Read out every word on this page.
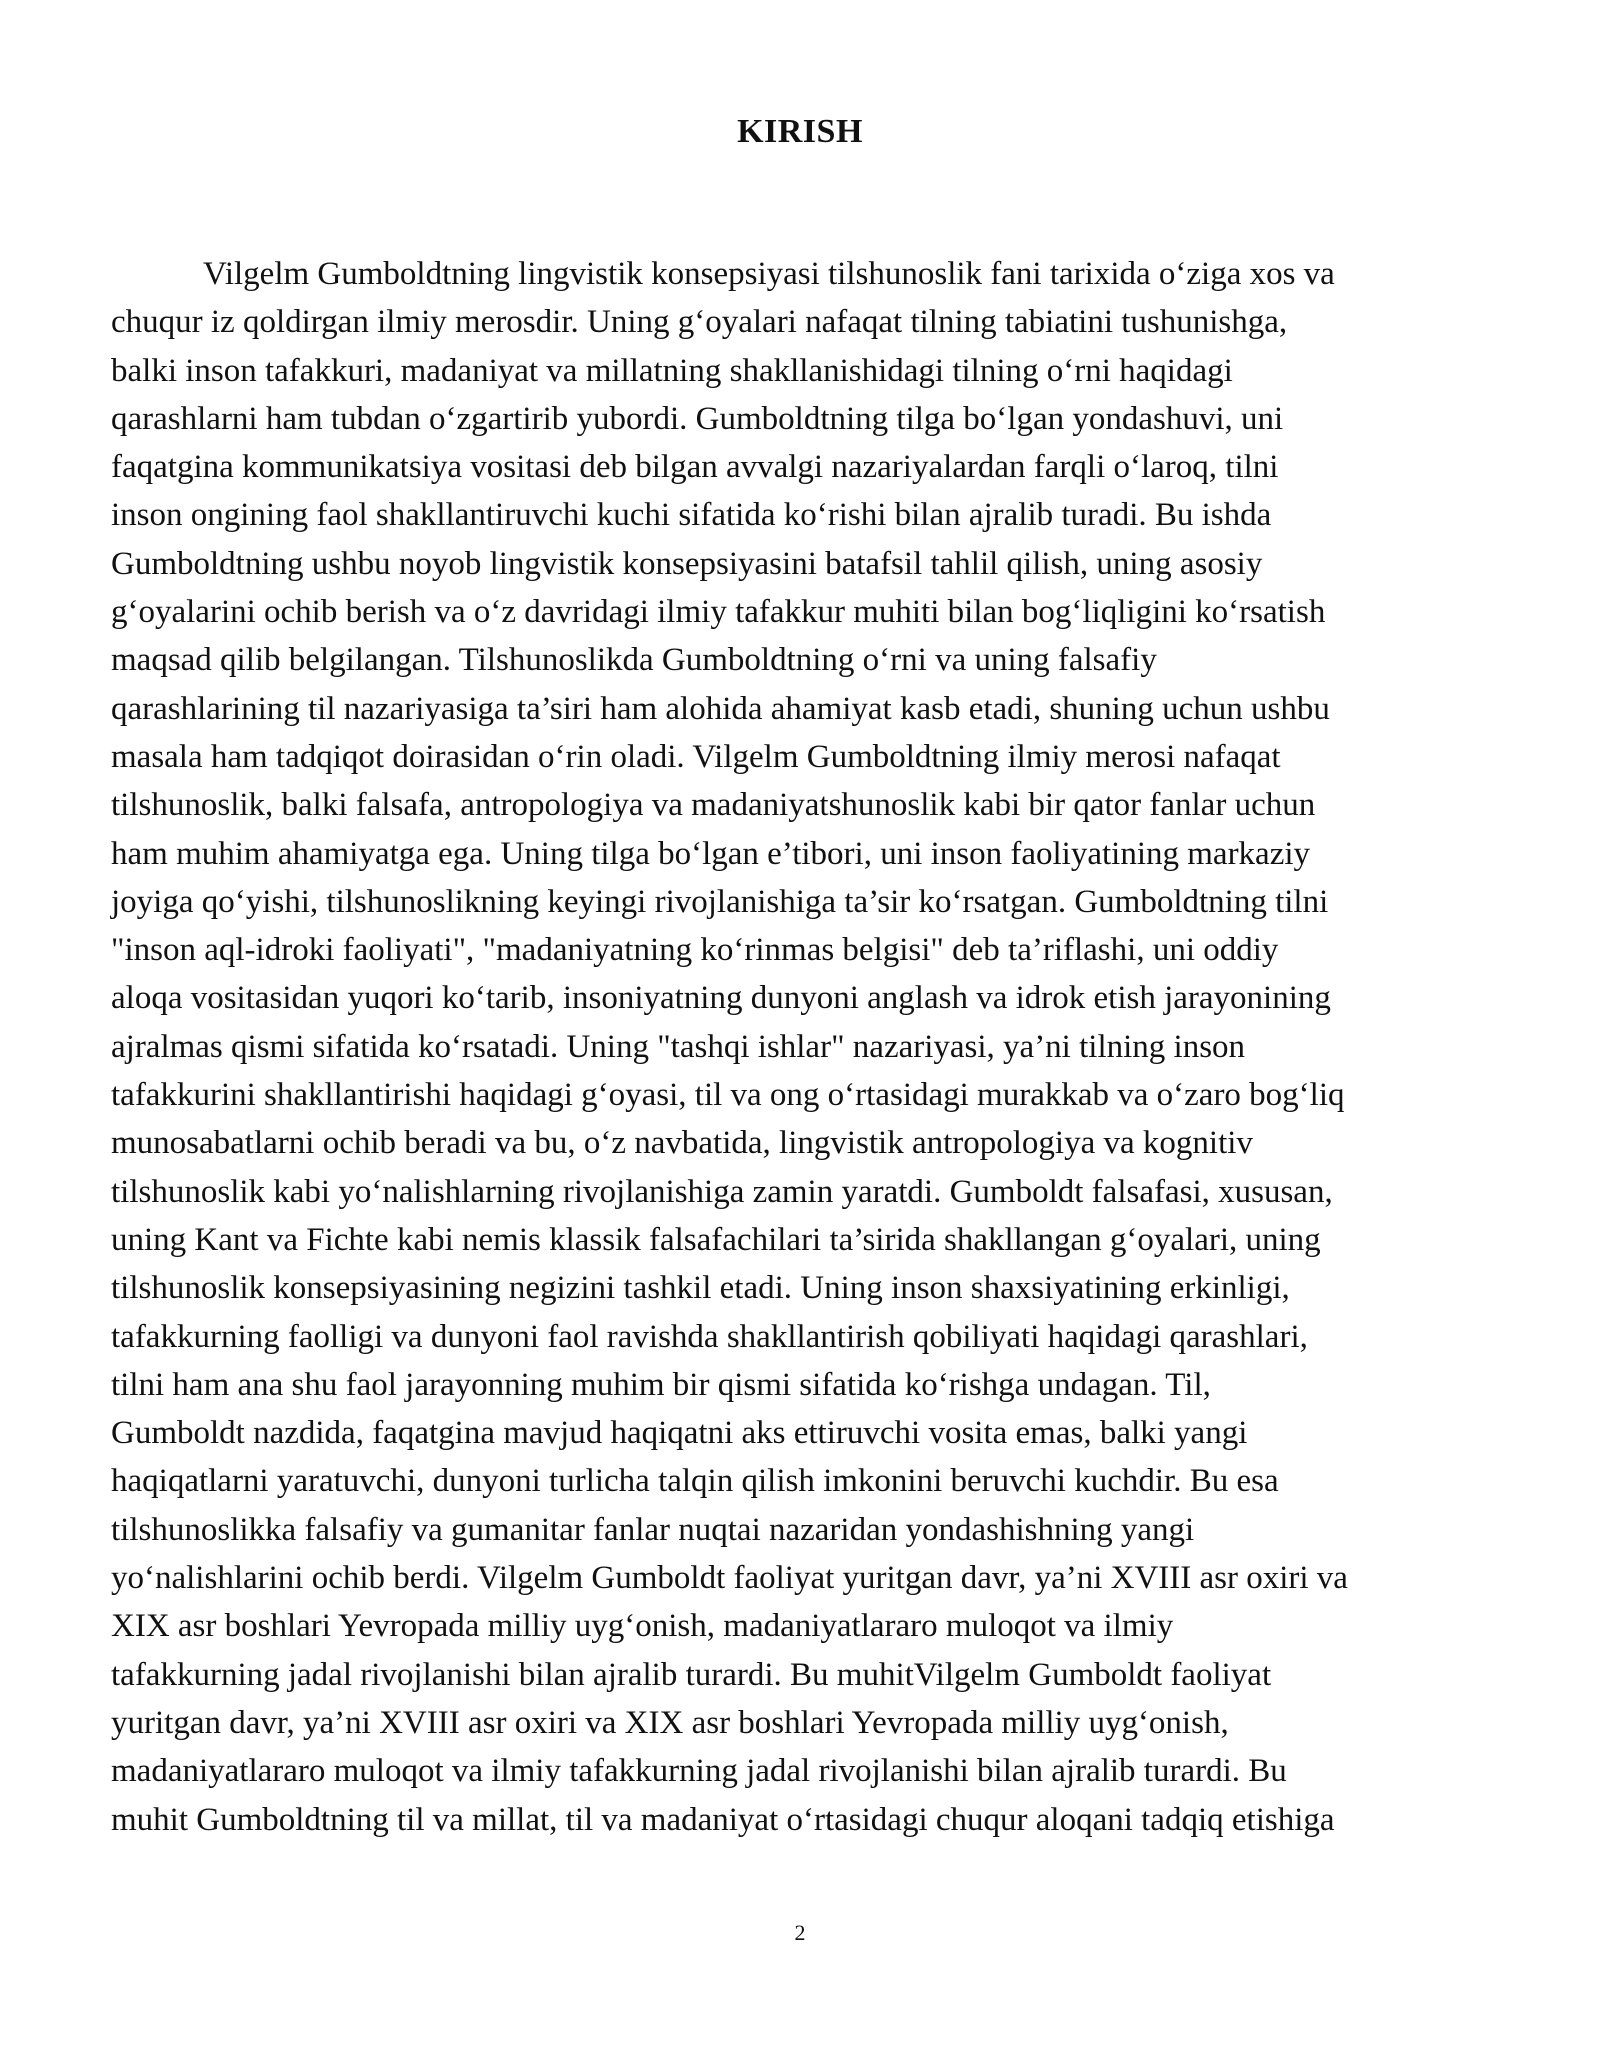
KIRISH

Vilgelm Gumboldtning lingvistik konsepsiyasi tilshunoslik fani tarixida o‘ziga xos va
chuqur iz qoldirgan ilmiy merosdir. Uning g‘oyalari nafaqat tilning tabiatini tushunishga,
balki inson tafakkuri, madaniyat va millatning shakllanishidagi tilning o‘rni haqidagi
qarashlarni ham tubdan o‘zgartirib yubordi. Gumboldtning tilga bo‘lgan yondashuvi, uni
faqatgina kommunikatsiya vositasi deb bilgan avvalgi nazariyalardan farqli o‘laroq, tilni
inson ongining faol shakllantiruvchi kuchi sifatida ko‘rishi bilan ajralib turadi. Bu ishda
Gumboldtning ushbu noyob lingvistik konsepsiyasini batafsil tahlil qilish, uning asosiy
g‘oyalarini ochib berish va o‘z davridagi ilmiy tafakkur muhiti bilan bog‘liqligini ko‘rsatish
maqsad qilib belgilangan. Tilshunoslikda Gumboldtning o‘rni va uning falsafiy
qarashlarining til nazariyasiga ta’siri ham alohida ahamiyat kasb etadi, shuning uchun ushbu
masala ham tadqiqot doirasidan o‘rin oladi. Vilgelm Gumboldtning ilmiy merosi nafaqat
tilshunoslik, balki falsafa, antropologiya va madaniyatshunoslik kabi bir qator fanlar uchun
ham muhim ahamiyatga ega. Uning tilga bo‘lgan e’tibori, uni inson faoliyatining markaziy
joyiga qo‘yishi, tilshunoslikning keyingi rivojlanishiga ta’sir ko‘rsatgan. Gumboldtning tilni
"inson aql-idroki faoliyati", "madaniyatning ko‘rinmas belgisi" deb ta’riflashi, uni oddiy
aloqa vositasidan yuqori ko‘tarib, insoniyatning dunyoni anglash va idrok etish jarayonining
ajralmas qismi sifatida ko‘rsatadi. Uning "tashqi ishlar" nazariyasi, ya’ni tilning inson
tafakkurini shakllantirishi haqidagi g‘oyasi, til va ong o‘rtasidagi murakkab va o‘zaro bog‘liq
munosabatlarni ochib beradi va bu, o‘z navbatida, lingvistik antropologiya va kognitiv
tilshunoslik kabi yo‘nalishlarning rivojlanishiga zamin yaratdi. Gumboldt falsafasi, xususan,
uning Kant va Fichte kabi nemis klassik falsafachilari ta’sirida shakllangan g‘oyalari, uning
tilshunoslik konsepsiyasining negizini tashkil etadi. Uning inson shaxsiyatining erkinligi,
tafakkurning faolligi va dunyoni faol ravishda shakllantirish qobiliyati haqidagi qarashlari,
tilni ham ana shu faol jarayonning muhim bir qismi sifatida ko‘rishga undagan. Til,
Gumboldt nazdida, faqatgina mavjud haqiqatni aks ettiruvchi vosita emas, balki yangi
haqiqatlarni yaratuvchi, dunyoni turlicha talqin qilish imkonini beruvchi kuchdir. Bu esa
tilshunoslikka falsafiy va gumanitar fanlar nuqtai nazaridan yondashishning yangi
yo‘nalishlarini ochib berdi. Vilgelm Gumboldt faoliyat yuritgan davr, ya’ni XVIII asr oxiri va
XIX asr boshlari Yevropada milliy uyg‘onish, madaniyatlararo muloqot va ilmiy
tafakkurning jadal rivojlanishi bilan ajralib turardi. Bu muhitVilgelm Gumboldt faoliyat
yuritgan davr, ya’ni XVIII asr oxiri va XIX asr boshlari Yevropada milliy uyg‘onish,
madaniyatlararo muloqot va ilmiy tafakkurning jadal rivojlanishi bilan ajralib turardi. Bu
muhit Gumboldtning til va millat, til va madaniyat o‘rtasidagi chuqur aloqani tadqiq etishiga

2
